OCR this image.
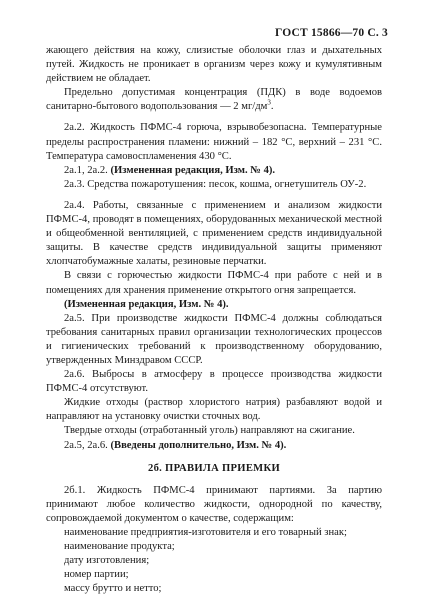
ГОСТ 15866—70 С. 3

жающего действия на кожу, слизистые оболочки глаз и дыхательных путей. Жидкость не проникает в организм через кожу и кумулятивным действием не обладает.

Предельно допустимая концентрация (ПДК) в воде водоемов санитарно-бытового водопользования — 2 $мг/дм^3$.

2а.2. Жидкость ПФМС-4 горюча, взрывобезопасна. Температурные пределы распространения пламени: нижний – 182 °С, верхний – 231 °С. Температура самовоспламенения 430 °С.

2а.1, 2а.2. (Измененная редакция, Изм. № 4).

2а.3. Средства пожаротушения: песок, кошма, огнетушитель ОУ-2.

2а.4. Работы, связанные с применением и анализом жидкости ПФМС-4, проводят в помещениях, оборудованных механической местной и общеобменной вентиляцией, с применением средств индивидуальной защиты. В качестве средств индивидуальной защиты применяют хлопчатобумажные халаты, резиновые перчатки.

В связи с горючестью жидкости ПФМС-4 при работе с ней и в помещениях для хранения применение открытого огня запрещается.

(Измененная редакция, Изм. № 4).

2а.5. При производстве жидкости ПФМС-4 должны соблюдаться требования санитарных правил организации технологических процессов и гигиенических требований к производственному оборудованию, утвержденных Минздравом СССР.

2а.6. Выбросы в атмосферу в процессе производства жидкости ПФМС-4 отсутствуют.

Жидкие отходы (раствор хлористого натрия) разбавляют водой и направляют на установку очистки сточных вод.

Твердые отходы (отработанный уголь) направляют на сжигание.

2а.5, 2а.6. (Введены дополнительно, Изм. № 4).

2б. ПРАВИЛА ПРИЕМКИ

2б.1. Жидкость ПФМС-4 принимают партиями. За партию принимают любое количество жидкости, однородной по качеству, сопровождаемой документом о качестве, содержащим:

наименование предприятия-изготовителя и его товарный знак;

наименование продукта;

дату изготовления;

номер партии;

массу брутто и нетто;
